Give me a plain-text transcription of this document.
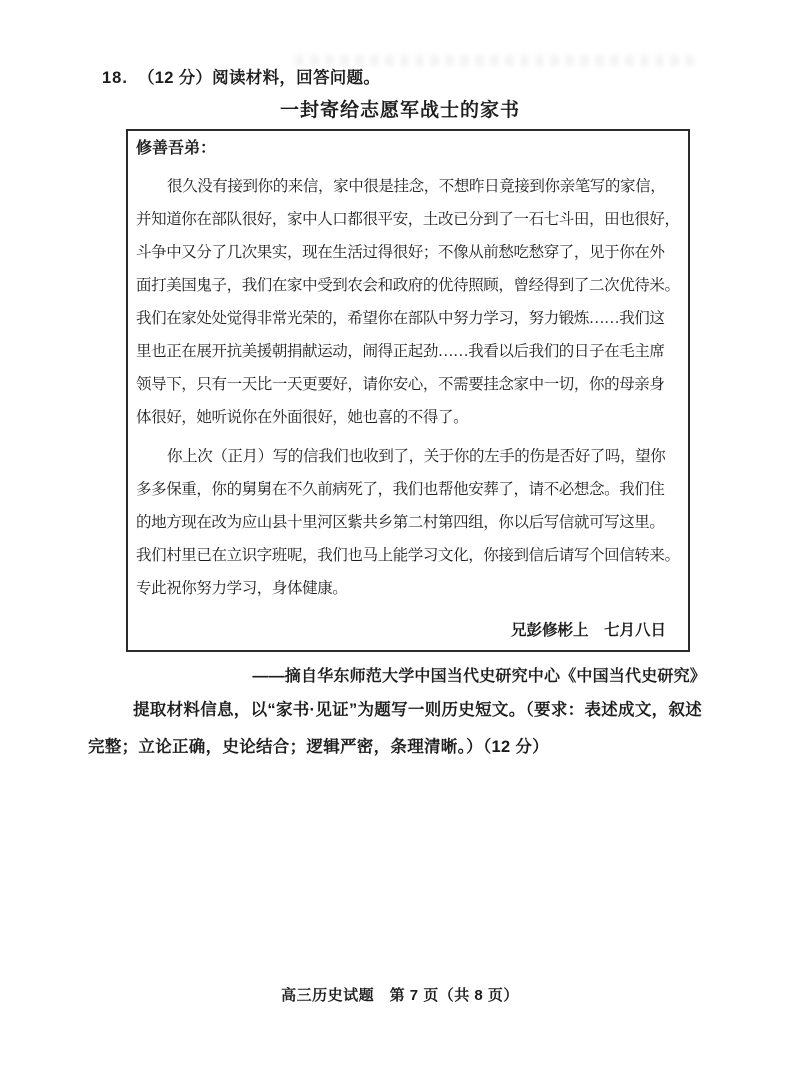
18. （12 分）阅读材料，回答问题。
一封寄给志愿军战士的家书
修善吾弟：
很久没有接到你的来信，家中很是挂念，不想昨日竟接到你亲笔写的家信，
并知道你在部队很好，家中人口都很平安，土改已分到了一石七斗田，田也很好，
斗争中又分了几次果实，现在生活过得很好；不像从前愁吃愁穿了，见于你在外
面打美国鬼子，我们在家中受到农会和政府的优待照顾，曾经得到了二次优待米。
我们在家处处觉得非常光荣的，希望你在部队中努力学习，努力锻炼……我们这
里也正在展开抗美援朝捐献运动，闹得正起劲……我看以后我们的日子在毛主席
领导下，只有一天比一天更要好，请你安心，不需要挂念家中一切，你的母亲身
体很好，她听说你在外面很好，她也喜的不得了。
你上次（正月）写的信我们也收到了，关于你的左手的伤是否好了吗，望你
多多保重，你的舅舅在不久前病死了，我们也帮他安葬了，请不必想念。我们住
的地方现在改为应山县十里河区紫共乡第二村第四组，你以后写信就可写这里。
我们村里已在立识字班呢，我们也马上能学习文化，你接到信后请写个回信转来。
专此祝你努力学习，身体健康。
兄彭修彬上　七月八日
——摘自华东师范大学中国当代史研究中心《中国当代史研究》
提取材料信息，以“家书·见证”为题写一则历史短文。（要求：表述成文，叙述
完整；立论正确，史论结合；逻辑严密，条理清晰。）（12 分）
高三历史试题　第 7 页（共 8 页）
